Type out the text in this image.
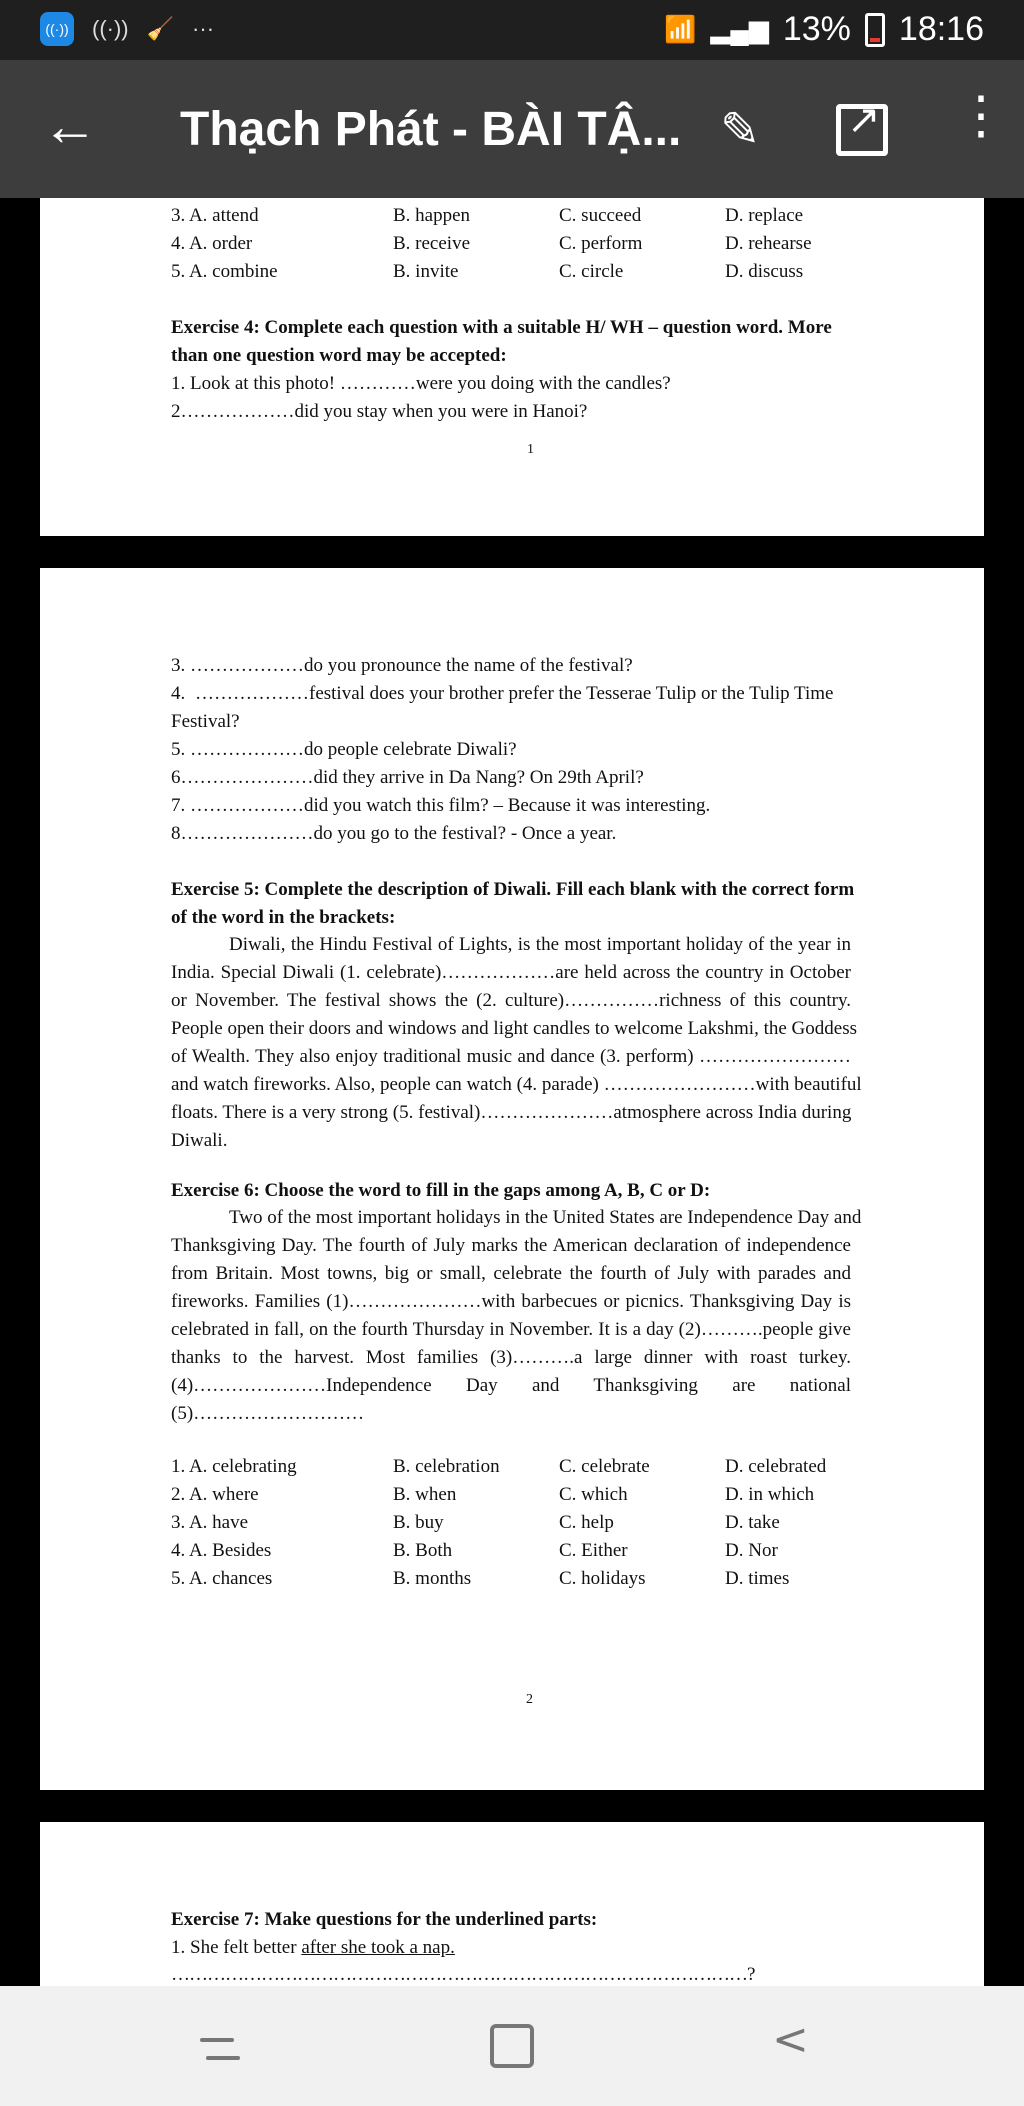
((·)) ((·)) 🧹 ···	📶 ▂▄▆ 13% 18:16
← Thạch Phát - BÀI TẬ... ✎ ↗	⋮
3. A. attend	B. happen	C. succeed	D. replace
4. A. order	B. receive	C. perform	D. rehearse
5. A. combine	B. invite	C. circle	D. discuss
Exercise 4: Complete each question with a suitable H/ WH – question word. More
than one question word may be accepted:
1. Look at this photo! …………were you doing with the candles?
2………………did you stay when you were in Hanoi?
1
3. ………………do you pronounce the name of the festival?
4. ………………festival does your brother prefer the Tesserae Tulip or the Tulip Time
Festival?
5. ………………do people celebrate Diwali?
6…………………did they arrive in Da Nang? On 29th April?
7. ………………did you watch this film? – Because it was interesting.
8…………………do you go to the festival? - Once a year.
Exercise 5: Complete the description of Diwali. Fill each blank with the correct form
of the word in the brackets:
Diwali, the Hindu Festival of Lights, is the most important holiday of the year in
India. Special Diwali (1. celebrate)………………are held across the country in October
or November. The festival shows the (2. culture)……………richness of this country.
People open their doors and windows and light candles to welcome Lakshmi, the Goddess
of Wealth. They also enjoy traditional music and dance (3. perform) ……………………
and watch fireworks. Also, people can watch (4. parade) ……………………with beautiful
floats. There is a very strong (5. festival)…………………atmosphere across India during
Diwali.
Exercise 6: Choose the word to fill in the gaps among A, B, C or D:
Two of the most important holidays in the United States are Independence Day and
Thanksgiving Day. The fourth of July marks the American declaration of independence
from Britain. Most towns, big or small, celebrate the fourth of July with parades and
fireworks. Families (1)…………………with barbecues or picnics. Thanksgiving Day is
celebrated in fall, on the fourth Thursday in November. It is a day (2)……….people give
thanks to the harvest. Most families (3)……….a large dinner with roast turkey.
(4)…………………Independence Day and Thanksgiving are national
(5)………………………
1. A. celebrating	B. celebration	C. celebrate	D. celebrated
2. A. where	B. when	C. which	D. in which
3. A. have	B. buy	C. help	D. take
4. A. Besides	B. Both	C. Either	D. Nor
5. A. chances	B. months	C. holidays	D. times
2
Exercise 7: Make questions for the underlined parts:
1. She felt better after she took a nap.
……………………………………………………………………………………?
<
